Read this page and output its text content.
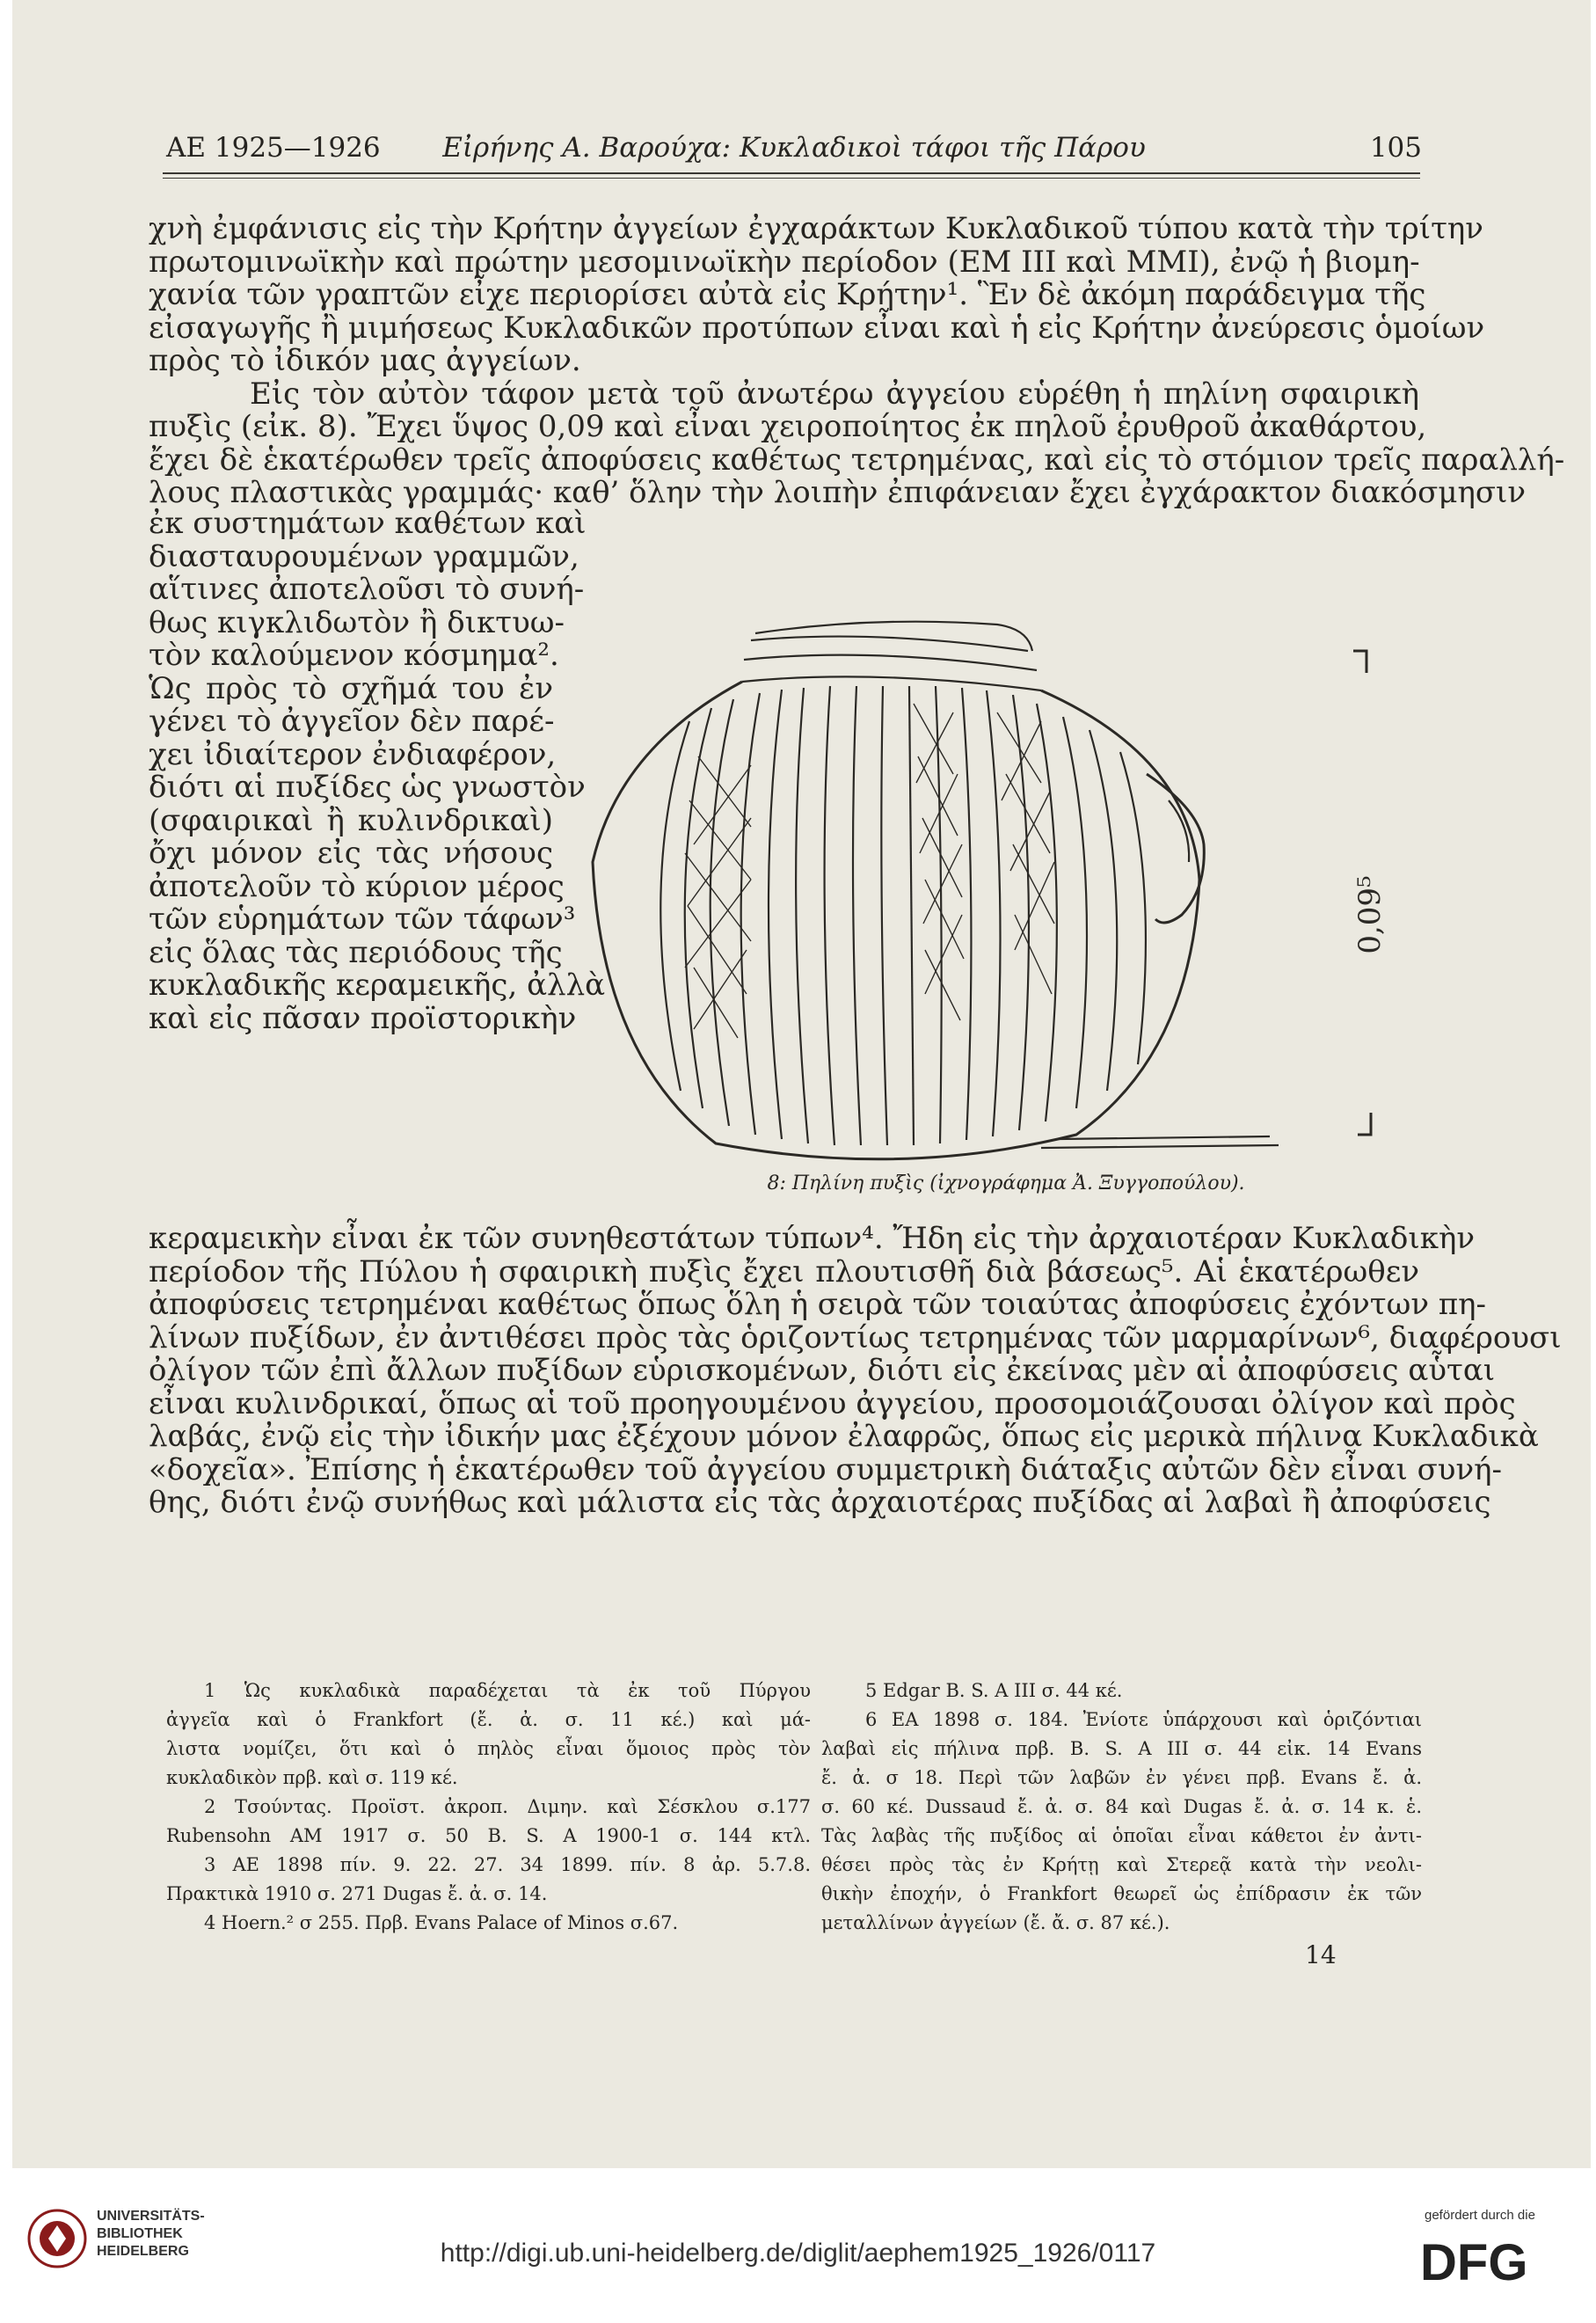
ΑΕ 1925—1926	Εἰρήνης Α. Βαρούχα: Κυκλαδικοὶ τάφοι τῆς Πάρου	105
χνὴ ἐμφάνισις εἰς τὴν Κρήτην ἀγγείων ἐγχαράκτων Κυκλαδικοῦ τύπου κατὰ τὴν τρίτην
πρωτομινωϊκὴν καὶ πρώτην μεσομινωϊκὴν περίοδον (ΕΜ ΙΙΙ καὶ ΜΜΙ), ἐνῷ ἡ βιομη-
χανία τῶν γραπτῶν εἶχε περιορίσει αὐτὰ εἰς Κρήτην¹. Ἓν δὲ ἀκόμη παράδειγμα τῆς
εἰσαγωγῆς ἢ μιμήσεως Κυκλαδικῶν προτύπων εἶναι καὶ ἡ εἰς Κρήτην ἀνεύρεσις ὁμοίων
πρὸς τὸ ἰδικόν μας ἀγγείων.
Εἰς τὸν αὐτὸν τάφον μετὰ τοῦ ἀνωτέρω ἀγγείου εὑρέθη ἡ πηλίνη σφαιρικὴ
πυξὶς (εἰκ. 8). Ἔχει ὕψος 0,09 καὶ εἶναι χειροποίητος ἐκ πηλοῦ ἐρυθροῦ ἀκαθάρτου,
ἔχει δὲ ἑκατέρωθεν τρεῖς ἀποφύσεις καθέτως τετρημένας, καὶ εἰς τὸ στόμιον τρεῖς παραλλή-
λους πλαστικὰς γραμμάς· καθ’ ὅλην τὴν λοιπὴν ἐπιφάνειαν ἔχει ἐγχάρακτον διακόσμησιν
ἐκ συστημάτων καθέτων καὶ
διασταυρουμένων γραμμῶν,
αἵτινες ἀποτελοῦσι τὸ συνή-
θως κιγκλιδωτὸν ἢ δικτυω-
τὸν καλούμενον κόσμημα².
Ὡς πρὸς τὸ σχῆμά του ἐν
γένει τὸ ἀγγεῖον δὲν παρέ-
χει ἰδιαίτερον ἐνδιαφέρον,
διότι αἱ πυξίδες ὡς γνωστὸν
(σφαιρικαὶ ἢ κυλινδρικαὶ)
ὄχι μόνον εἰς τὰς νήσους
ἀποτελοῦν τὸ κύριον μέρος
τῶν εὑρημάτων τῶν τάφων³
εἰς ὅλας τὰς περιόδους τῆς
κυκλαδικῆς κεραμεικῆς, ἀλλὰ
καὶ εἰς πᾶσαν προϊστορικὴν
κεραμεικὴν εἶναι ἐκ τῶν συνηθεστάτων τύπων⁴. Ἤδη εἰς τὴν ἀρχαιοτέραν Κυκλαδικὴν
περίοδον τῆς Πύλου ἡ σφαιρικὴ πυξὶς ἔχει πλουτισθῆ διὰ βάσεως⁵. Αἱ ἑκατέρωθεν
ἀποφύσεις τετρημέναι καθέτως ὅπως ὅλη ἡ σειρὰ τῶν τοιαύτας ἀποφύσεις ἐχόντων πη-
λίνων πυξίδων, ἐν ἀντιθέσει πρὸς τὰς ὁριζοντίως τετρημένας τῶν μαρμαρίνων⁶, διαφέρουσι
ὀλίγον τῶν ἐπὶ ἄλλων πυξίδων εὑρισκομένων, διότι εἰς ἐκείνας μὲν αἱ ἀποφύσεις αὗται
εἶναι κυλινδρικαί, ὅπως αἱ τοῦ προηγουμένου ἀγγείου, προσομοιάζουσαι ὀλίγον καὶ πρὸς
λαβάς, ἐνῷ εἰς τὴν ἰδικήν μας ἐξέχουν μόνον ἐλαφρῶς, ὅπως εἰς μερικὰ πήλινα Κυκλαδικὰ
«δοχεῖα». Ἐπίσης ἡ ἑκατέρωθεν τοῦ ἀγγείου συμμετρικὴ διάταξις αὐτῶν δὲν εἶναι συνή-
θης, διότι ἐνῷ συνήθως καὶ μάλιστα εἰς τὰς ἀρχαιοτέρας πυξίδας αἱ λαβαὶ ἢ ἀποφύσεις
0,09⁵
8: Πηλίνη πυξὶς (ἰχνογράφημα Ἀ. Ξυγγοπούλου).
1 Ὡς κυκλαδικὰ παραδέχεται τὰ ἐκ τοῦ Πύργου
ἀγγεῖα καὶ ὁ Frankfort (ἔ. ἀ. σ. 11 κέ.) καὶ μά-
λιστα νομίζει, ὅτι καὶ ὁ πηλὸς εἶναι ὅμοιος πρὸς τὸν
κυκλαδικὸν πρβ. καὶ σ. 119 κέ.
2 Τσούντας. Προϊστ. ἀκροπ. Διμην. καὶ Σέσκλου σ.177
Rubensohn AM 1917 σ. 50 B. S. A 1900-1 σ. 144 κτλ.
3 ΑΕ 1898 πίν. 9. 22. 27. 34 1899. πίν. 8 ἀρ. 5.7.8.
Πρακτικὰ 1910 σ. 271 Dugas ἔ. ἀ. σ. 14.
4 Hoern.² σ 255. Πρβ. Evans Palace of Minos σ.67.
5 Edgar B. S. A III σ. 44 κέ.
6 ΕΑ 1898 σ. 184. Ἐνίοτε ὑπάρχουσι καὶ ὁριζόντιαι
λαβαὶ εἰς πήλινα πρβ. B. S. A III σ. 44 εἰκ. 14 Evans
ἔ. ἀ. σ 18. Περὶ τῶν λαβῶν ἐν γένει πρβ. Evans ἔ. ἀ.
σ. 60 κέ. Dussaud ἔ. ἀ. σ. 84 καὶ Dugas ἔ. ἀ. σ. 14 κ. ἑ.
Τὰς λαβὰς τῆς πυξίδος αἱ ὁποῖαι εἶναι κάθετοι ἐν ἀντι-
θέσει πρὸς τὰς ἐν Κρήτῃ καὶ Στερεᾷ κατὰ τὴν νεολι-
θικὴν ἐποχήν, ὁ Frankfort θεωρεῖ ὡς ἐπίδρασιν ἐκ τῶν
μεταλλίνων ἀγγείων (ἔ. ἄ. σ. 87 κέ.).
14
UNIVERSITÄTS-
BIBLIOTHEK
HEIDELBERG	http://digi.ub.uni-heidelberg.de/diglit/aephem1925_1926/0117
gefördert durch die
DFG
